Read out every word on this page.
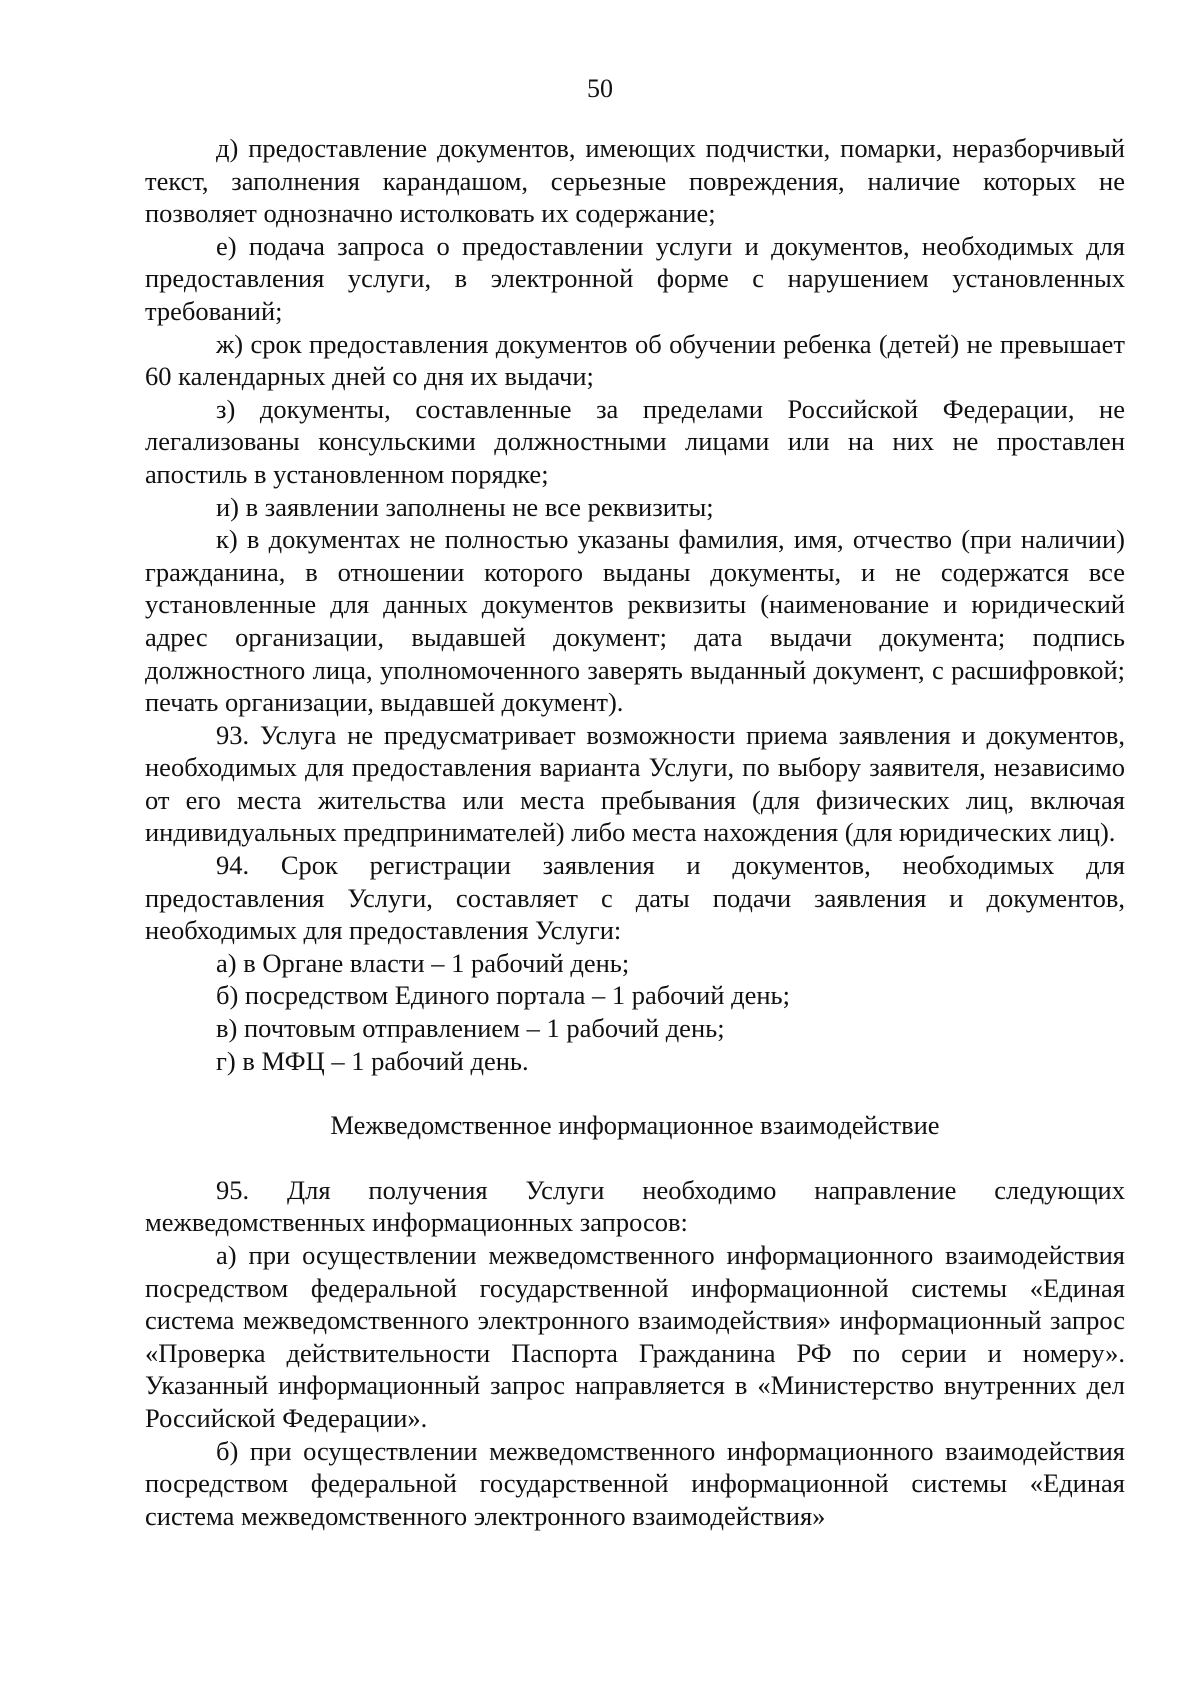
50

д) предоставление документов, имеющих подчистки, помарки, неразборчивый текст, заполнения карандашом, серьезные повреждения, наличие которых не позволяет однозначно истолковать их содержание;

е) подача запроса о предоставлении услуги и документов, необходимых для предоставления услуги, в электронной форме с нарушением установленных требований;

ж) срок предоставления документов об обучении ребенка (детей) не превышает 60 календарных дней со дня их выдачи;

з) документы, составленные за пределами Российской Федерации, не легализованы консульскими должностными лицами или на них не проставлен апостиль в установленном порядке;

и) в заявлении заполнены не все реквизиты;

к) в документах не полностью указаны фамилия, имя, отчество (при наличии) гражданина, в отношении которого выданы документы, и не содержатся все установленные для данных документов реквизиты (наименование и юридический адрес организации, выдавшей документ; дата выдачи документа; подпись должностного лица, уполномоченного заверять выданный документ, с расшифровкой; печать организации, выдавшей документ).

93. Услуга не предусматривает возможности приема заявления и документов, необходимых для предоставления варианта Услуги, по выбору заявителя, независимо от его места жительства или места пребывания (для физических лиц, включая индивидуальных предпринимателей) либо места нахождения (для юридических лиц).

94. Срок регистрации заявления и документов, необходимых для предоставления Услуги, составляет с даты подачи заявления и документов, необходимых для предоставления Услуги:

а) в Органе власти – 1 рабочий день;

б) посредством Единого портала – 1 рабочий день;

в) почтовым отправлением – 1 рабочий день;

г) в МФЦ – 1 рабочий день.

Межведомственное информационное взаимодействие

95. Для получения Услуги необходимо направление следующих межведомственных информационных запросов:

а) при осуществлении межведомственного информационного взаимодействия посредством федеральной государственной информационной системы «Единая система межведомственного электронного взаимодействия» информационный запрос «Проверка действительности Паспорта Гражданина РФ по серии и номеру». Указанный информационный запрос направляется в «Министерство внутренних дел Российской Федерации».

б) при осуществлении межведомственного информационного взаимодействия посредством федеральной государственной информационной системы «Единая система межведомственного электронного взаимодействия»
